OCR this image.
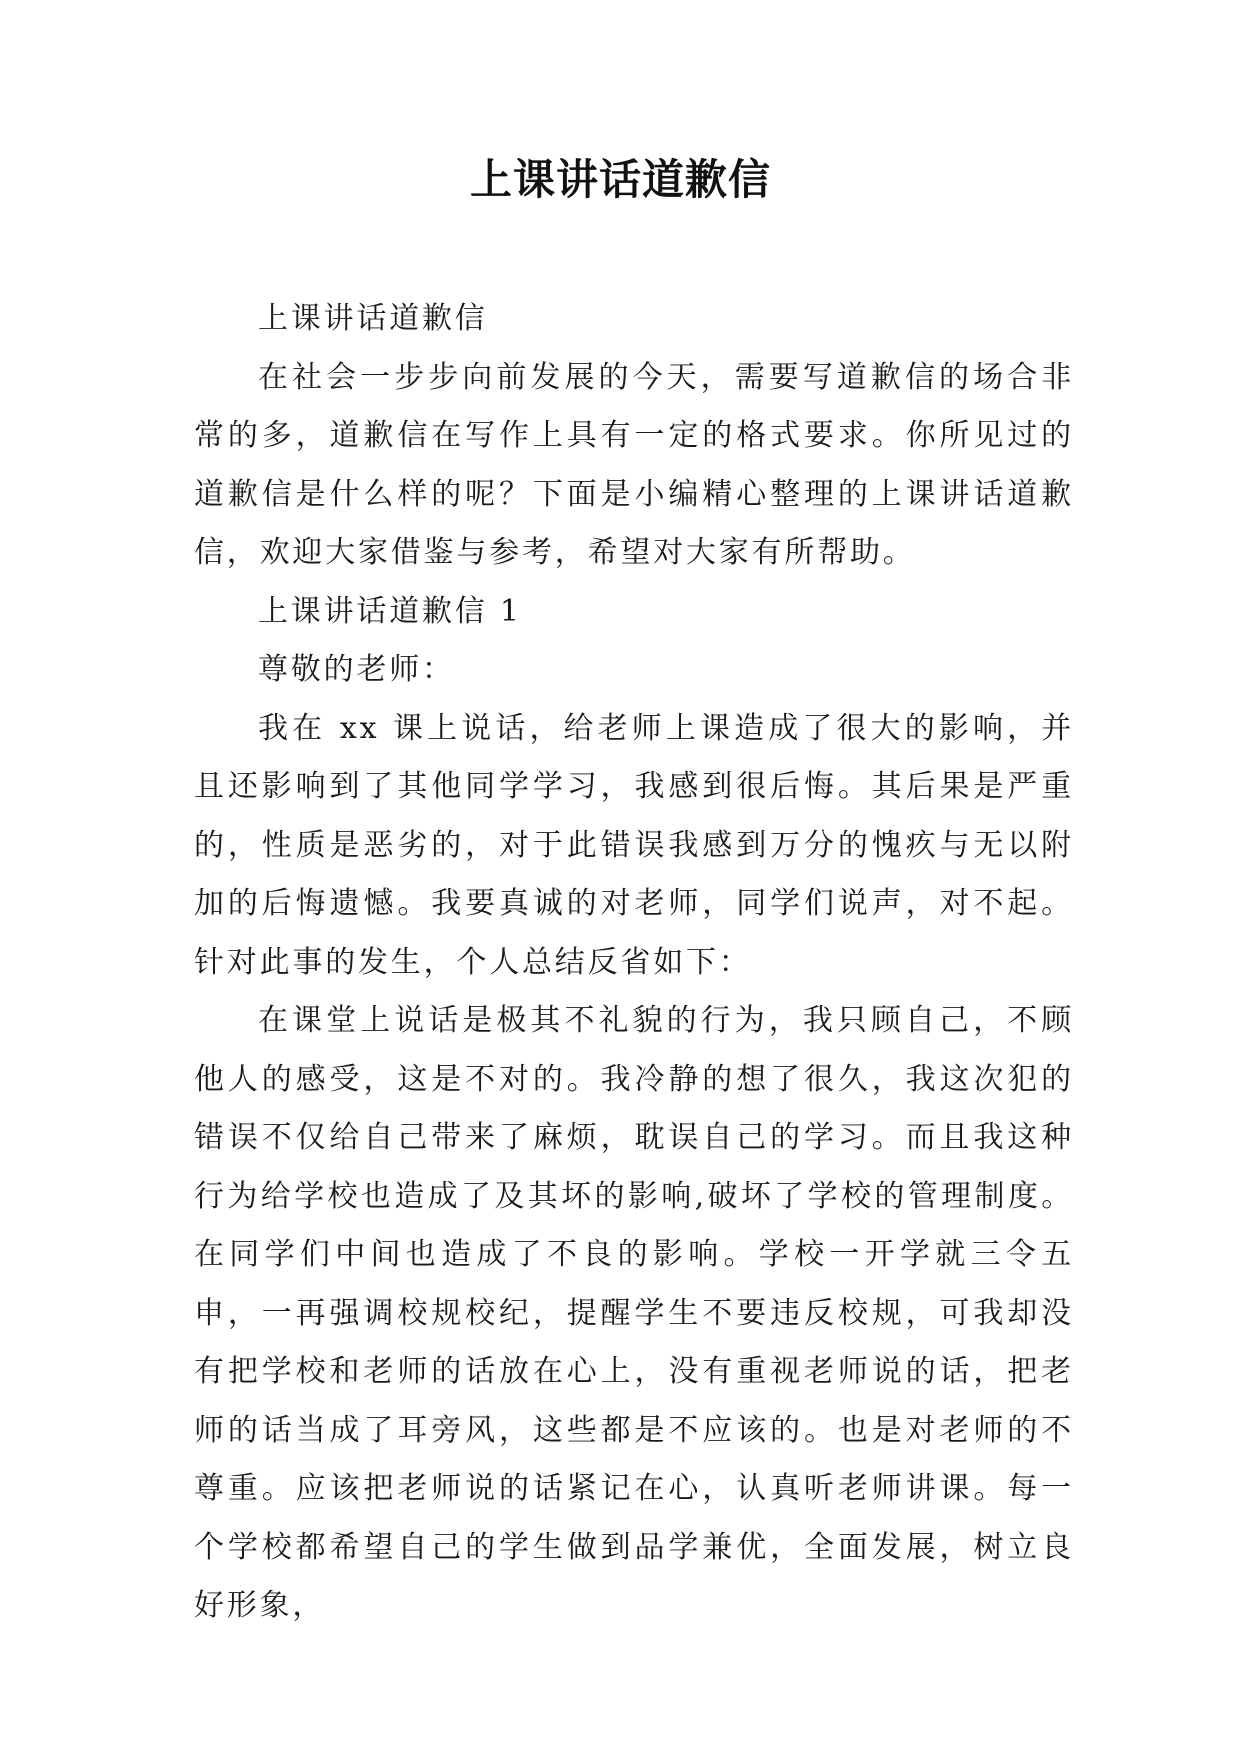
上课讲话道歉信

上课讲话道歉信

在社会一步步向前发展的今天，需要写道歉信的场合非常的多，道歉信在写作上具有一定的格式要求。你所见过的道歉信是什么样的呢？下面是小编精心整理的上课讲话道歉信，欢迎大家借鉴与参考，希望对大家有所帮助。

上课讲话道歉信 1

尊敬的老师：

我在 xx 课上说话，给老师上课造成了很大的影响，并且还影响到了其他同学学习，我感到很后悔。其后果是严重的，性质是恶劣的，对于此错误我感到万分的愧疚与无以附加的后悔遗憾。我要真诚的对老师，同学们说声，对不起。针对此事的发生，个人总结反省如下：

在课堂上说话是极其不礼貌的行为，我只顾自己，不顾他人的感受，这是不对的。我冷静的想了很久，我这次犯的错误不仅给自己带来了麻烦，耽误自己的学习。而且我这种行为给学校也造成了及其坏的影响,破坏了学校的管理制度。在同学们中间也造成了不良的影响。学校一开学就三令五申，一再强调校规校纪，提醒学生不要违反校规，可我却没有把学校和老师的话放在心上，没有重视老师说的话，把老师的话当成了耳旁风，这些都是不应该的。也是对老师的不尊重。应该把老师说的话紧记在心，认真听老师讲课。每一个学校都希望自己的学生做到品学兼优，全面发展，树立良好形象，
